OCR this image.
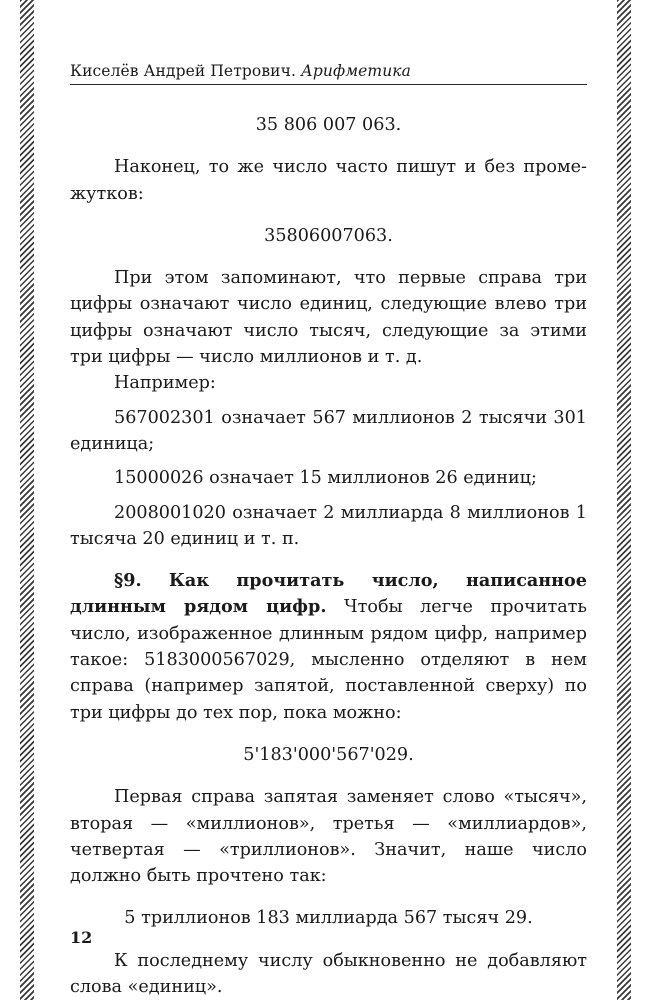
Киселёв Андрей Петрович. Арифметика

35 806 007 063.

Наконец, то же число часто пишут и без промежутков:

35806007063.

При этом запоминают, что первые справа три цифры означают число единиц, следующие влево три цифры означают число тысяч, следующие за этими три цифры — число миллионов и т. д.

Например:

567002301 означает 567 миллионов 2 тысячи 301 единица;

15000026 означает 15 миллионов 26 единиц;

2008001020 означает 2 миллиарда 8 миллионов 1 тысяча 20 единиц и т. п.

§9. Как прочитать число, написанное длинным рядом цифр. Чтобы легче прочитать число, изображенное длинным рядом цифр, например такое: 5183000567029, мысленно отделяют в нем справа (например запятой, поставленной сверху) по три цифры до тех пор, пока можно:

5'183'000'567'029.

Первая справа запятая заменяет слово «тысяч», вторая — «миллионов», третья — «миллиардов», четвертая — «триллионов». Значит, наше число должно быть прочтено так:

5 триллионов 183 миллиарда 567 тысяч 29.

К последнему числу обыкновенно не добавляют слова «единиц».

12
